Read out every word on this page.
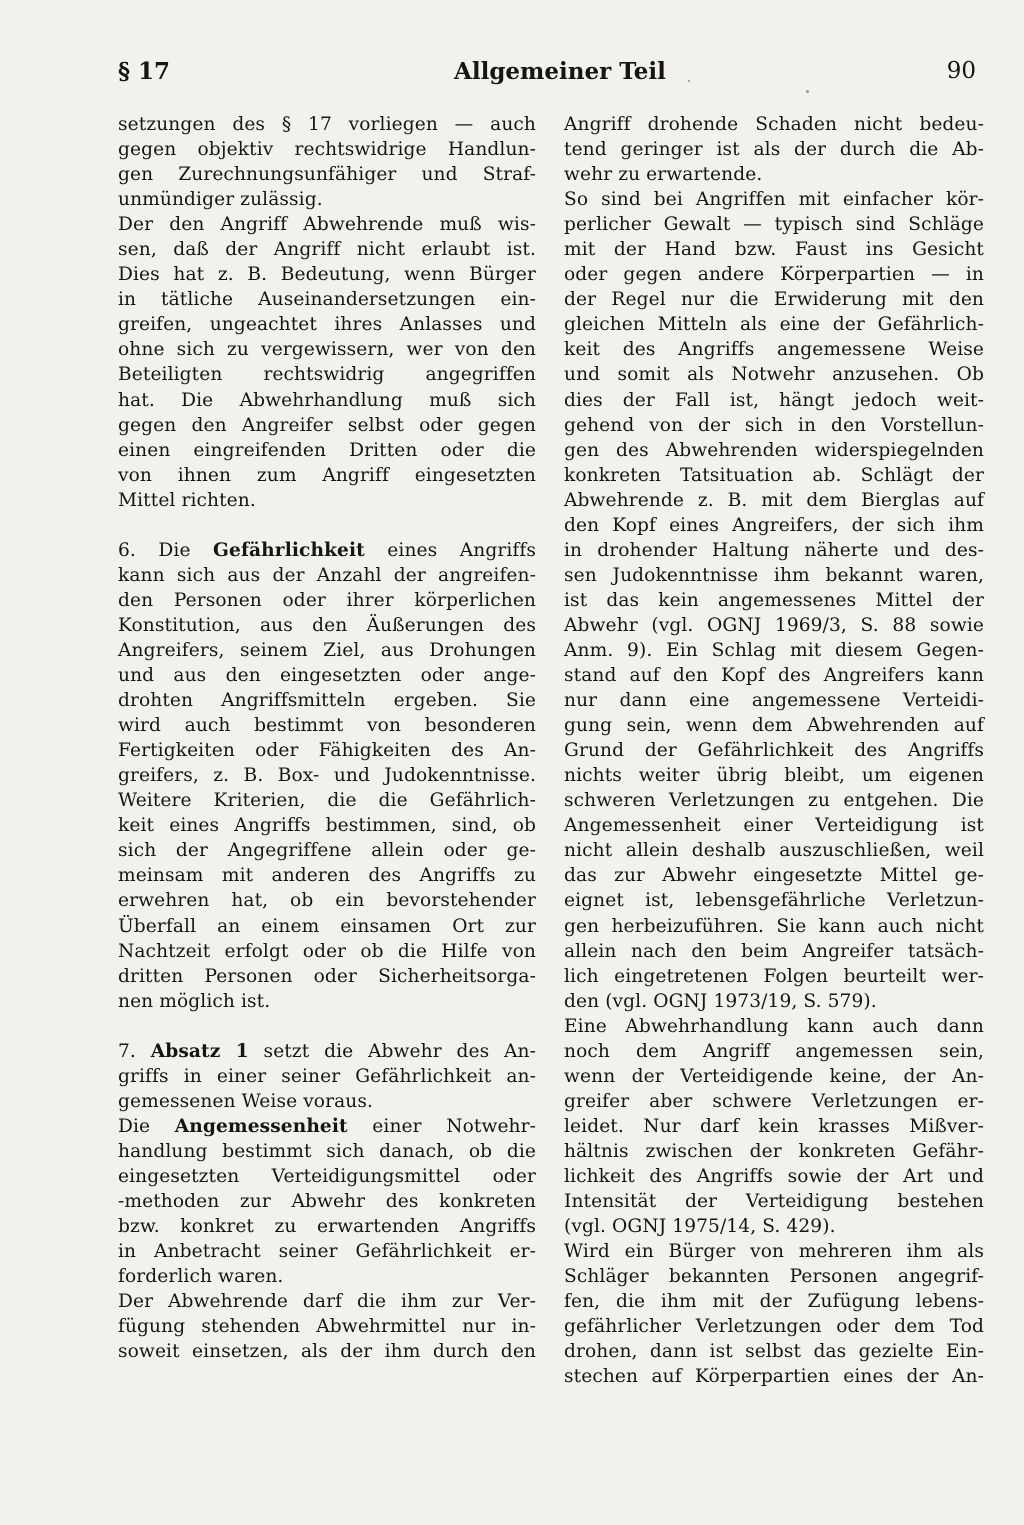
§ 17	Allgemeiner Teil	90
setzungen des § 17 vorliegen — auch
gegen objektiv rechtswidrige Handlun-
gen Zurechnungsunfähiger und Straf-
unmündiger zulässig.
Der den Angriff Abwehrende muß wis-
sen, daß der Angriff nicht erlaubt ist.
Dies hat z. B. Bedeutung, wenn Bürger
in tätliche Auseinandersetzungen ein-
greifen, ungeachtet ihres Anlasses und
ohne sich zu vergewissern, wer von den
Beteiligten rechtswidrig angegriffen
hat. Die Abwehrhandlung muß sich
gegen den Angreifer selbst oder gegen
einen eingreifenden Dritten oder die
von ihnen zum Angriff eingesetzten
Mittel richten.
6. Die Gefährlichkeit eines Angriffs
kann sich aus der Anzahl der angreifen-
den Personen oder ihrer körperlichen
Konstitution, aus den Äußerungen des
Angreifers, seinem Ziel, aus Drohungen
und aus den eingesetzten oder ange-
drohten Angriffsmitteln ergeben. Sie
wird auch bestimmt von besonderen
Fertigkeiten oder Fähigkeiten des An-
greifers, z. B. Box- und Judokenntnisse.
Weitere Kriterien, die die Gefährlich-
keit eines Angriffs bestimmen, sind, ob
sich der Angegriffene allein oder ge-
meinsam mit anderen des Angriffs zu
erwehren hat, ob ein bevorstehender
Überfall an einem einsamen Ort zur
Nachtzeit erfolgt oder ob die Hilfe von
dritten Personen oder Sicherheitsorga-
nen möglich ist.
7. Absatz 1 setzt die Abwehr des An-
griffs in einer seiner Gefährlichkeit an-
gemessenen Weise voraus.
Die Angemessenheit einer Notwehr-
handlung bestimmt sich danach, ob die
eingesetzten Verteidigungsmittel oder
-methoden zur Abwehr des konkreten
bzw. konkret zu erwartenden Angriffs
in Anbetracht seiner Gefährlichkeit er-
forderlich waren.
Der Abwehrende darf die ihm zur Ver-
fügung stehenden Abwehrmittel nur in-
soweit einsetzen, als der ihm durch den
Angriff drohende Schaden nicht bedeu-
tend geringer ist als der durch die Ab-
wehr zu erwartende.
So sind bei Angriffen mit einfacher kör-
perlicher Gewalt — typisch sind Schläge
mit der Hand bzw. Faust ins Gesicht
oder gegen andere Körperpartien — in
der Regel nur die Erwiderung mit den
gleichen Mitteln als eine der Gefährlich-
keit des Angriffs angemessene Weise
und somit als Notwehr anzusehen. Ob
dies der Fall ist, hängt jedoch weit-
gehend von der sich in den Vorstellun-
gen des Abwehrenden widerspiegelnden
konkreten Tatsituation ab. Schlägt der
Abwehrende z. B. mit dem Bierglas auf
den Kopf eines Angreifers, der sich ihm
in drohender Haltung näherte und des-
sen Judokenntnisse ihm bekannt waren,
ist das kein angemessenes Mittel der
Abwehr (vgl. OGNJ 1969/3, S. 88 sowie
Anm. 9). Ein Schlag mit diesem Gegen-
stand auf den Kopf des Angreifers kann
nur dann eine angemessene Verteidi-
gung sein, wenn dem Abwehrenden auf
Grund der Gefährlichkeit des Angriffs
nichts weiter übrig bleibt, um eigenen
schweren Verletzungen zu entgehen. Die
Angemessenheit einer Verteidigung ist
nicht allein deshalb auszuschließen, weil
das zur Abwehr eingesetzte Mittel ge-
eignet ist, lebensgefährliche Verletzun-
gen herbeizuführen. Sie kann auch nicht
allein nach den beim Angreifer tatsäch-
lich eingetretenen Folgen beurteilt wer-
den (vgl. OGNJ 1973/19, S. 579).
Eine Abwehrhandlung kann auch dann
noch dem Angriff angemessen sein,
wenn der Verteidigende keine, der An-
greifer aber schwere Verletzungen er-
leidet. Nur darf kein krasses Mißver-
hältnis zwischen der konkreten Gefähr-
lichkeit des Angriffs sowie der Art und
Intensität der Verteidigung bestehen
(vgl. OGNJ 1975/14, S. 429).
Wird ein Bürger von mehreren ihm als
Schläger bekannten Personen angegrif-
fen, die ihm mit der Zufügung lebens-
gefährlicher Verletzungen oder dem Tod
drohen, dann ist selbst das gezielte Ein-
stechen auf Körperpartien eines der An-
